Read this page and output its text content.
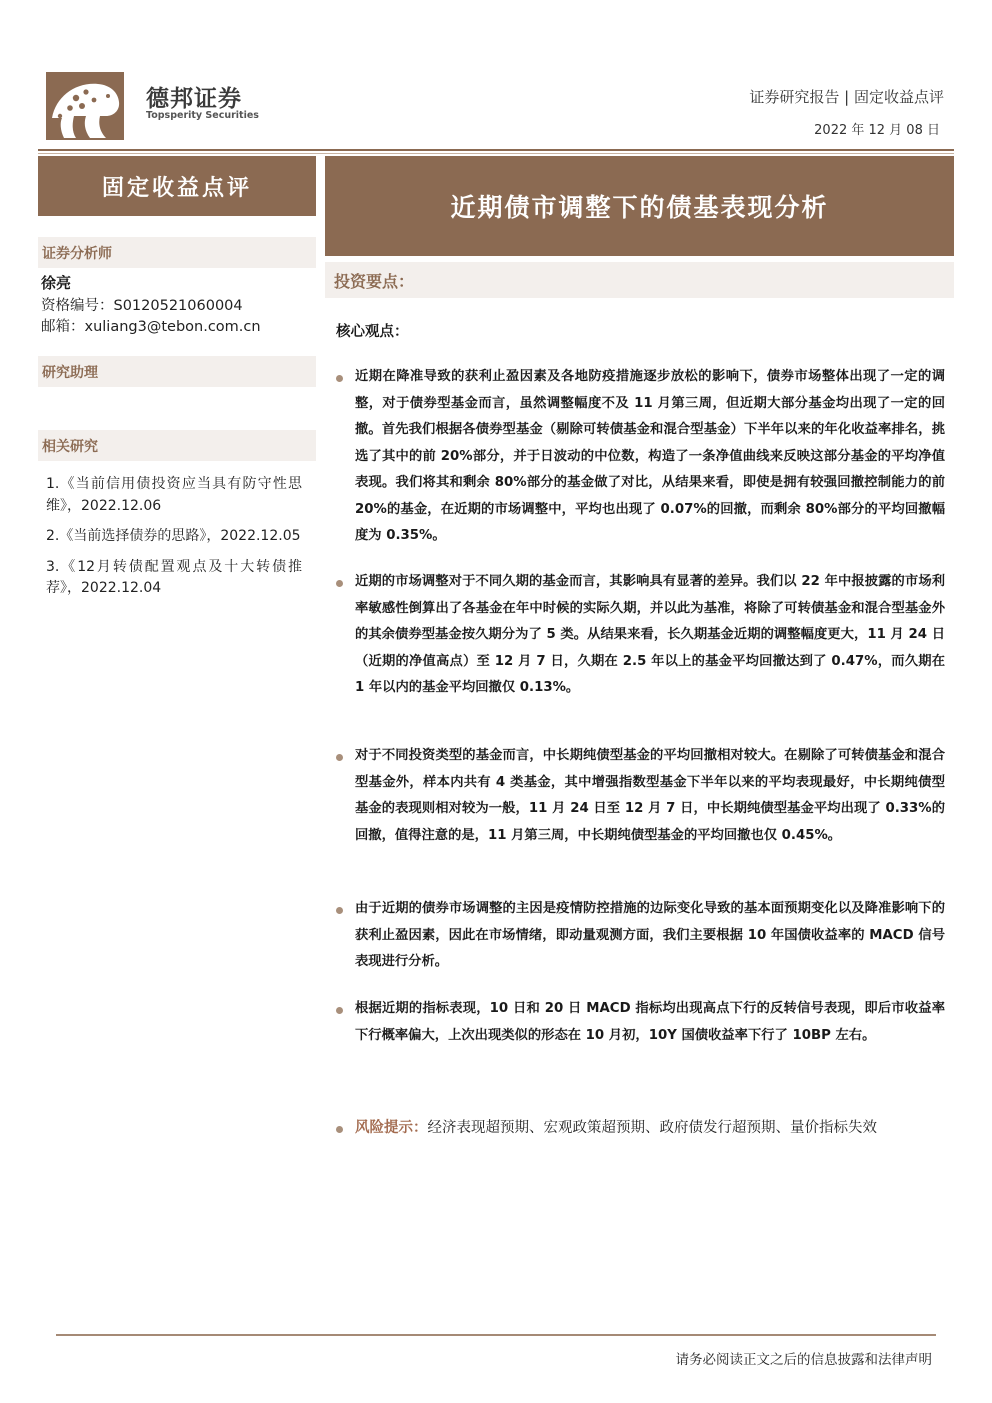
德邦证券
Topsperity Securities
证券研究报告 | 固定收益点评
2022 年 12 月 08 日
固定收益点评
证券分析师
徐亮
资格编号：S0120521060004
邮箱：xuliang3@tebon.com.cn
研究助理
相关研究
1.《当前信用债投资应当具有防守性思维》，2022.12.06
2.《当前选择债券的思路》，2022.12.05
3.《12月转债配置观点及十大转债推荐》，2022.12.04
近期债市调整下的债基表现分析
投资要点：
核心观点：
近期在降准导致的获利止盈因素及各地防疫措施逐步放松的影响下，债券市场整体出现了一定的调整，对于债券型基金而言，虽然调整幅度不及 11 月第三周，但近期大部分基金均出现了一定的回撤。首先我们根据各债券型基金（剔除可转债基金和混合型基金）下半年以来的年化收益率排名，挑选了其中的前 20%部分，并于日波动的中位数，构造了一条净值曲线来反映这部分基金的平均净值表现。我们将其和剩余 80%部分的基金做了对比，从结果来看，即使是拥有较强回撤控制能力的前 20%的基金，在近期的市场调整中，平均也出现了 0.07%的回撤，而剩余 80%部分的平均回撤幅度为 0.35%。
近期的市场调整对于不同久期的基金而言，其影响具有显著的差异。我们以 22 年中报披露的市场利率敏感性倒算出了各基金在年中时候的实际久期，并以此为基准，将除了可转债基金和混合型基金外的其余债券型基金按久期分为了 5 类。从结果来看，长久期基金近期的调整幅度更大，11 月 24 日（近期的净值高点）至 12 月 7 日，久期在 2.5 年以上的基金平均回撤达到了 0.47%，而久期在 1 年以内的基金平均回撤仅 0.13%。
对于不同投资类型的基金而言，中长期纯债型基金的平均回撤相对较大。在剔除了可转债基金和混合型基金外，样本内共有 4 类基金，其中增强指数型基金下半年以来的平均表现最好，中长期纯债型基金的表现则相对较为一般，11 月 24 日至 12 月 7 日，中长期纯债型基金平均出现了 0.33%的回撤，值得注意的是，11 月第三周，中长期纯债型基金的平均回撤也仅 0.45%。
由于近期的债券市场调整的主因是疫情防控措施的边际变化导致的基本面预期变化以及降准影响下的获利止盈因素，因此在市场情绪，即动量观测方面，我们主要根据 10 年国债收益率的 MACD 信号表现进行分析。
根据近期的指标表现，10 日和 20 日 MACD 指标均出现高点下行的反转信号表现，即后市收益率下行概率偏大，上次出现类似的形态在 10 月初，10Y 国债收益率下行了 10BP 左右。
风险提示：经济表现超预期、宏观政策超预期、政府债发行超预期、量价指标失效
请务必阅读正文之后的信息披露和法律声明
